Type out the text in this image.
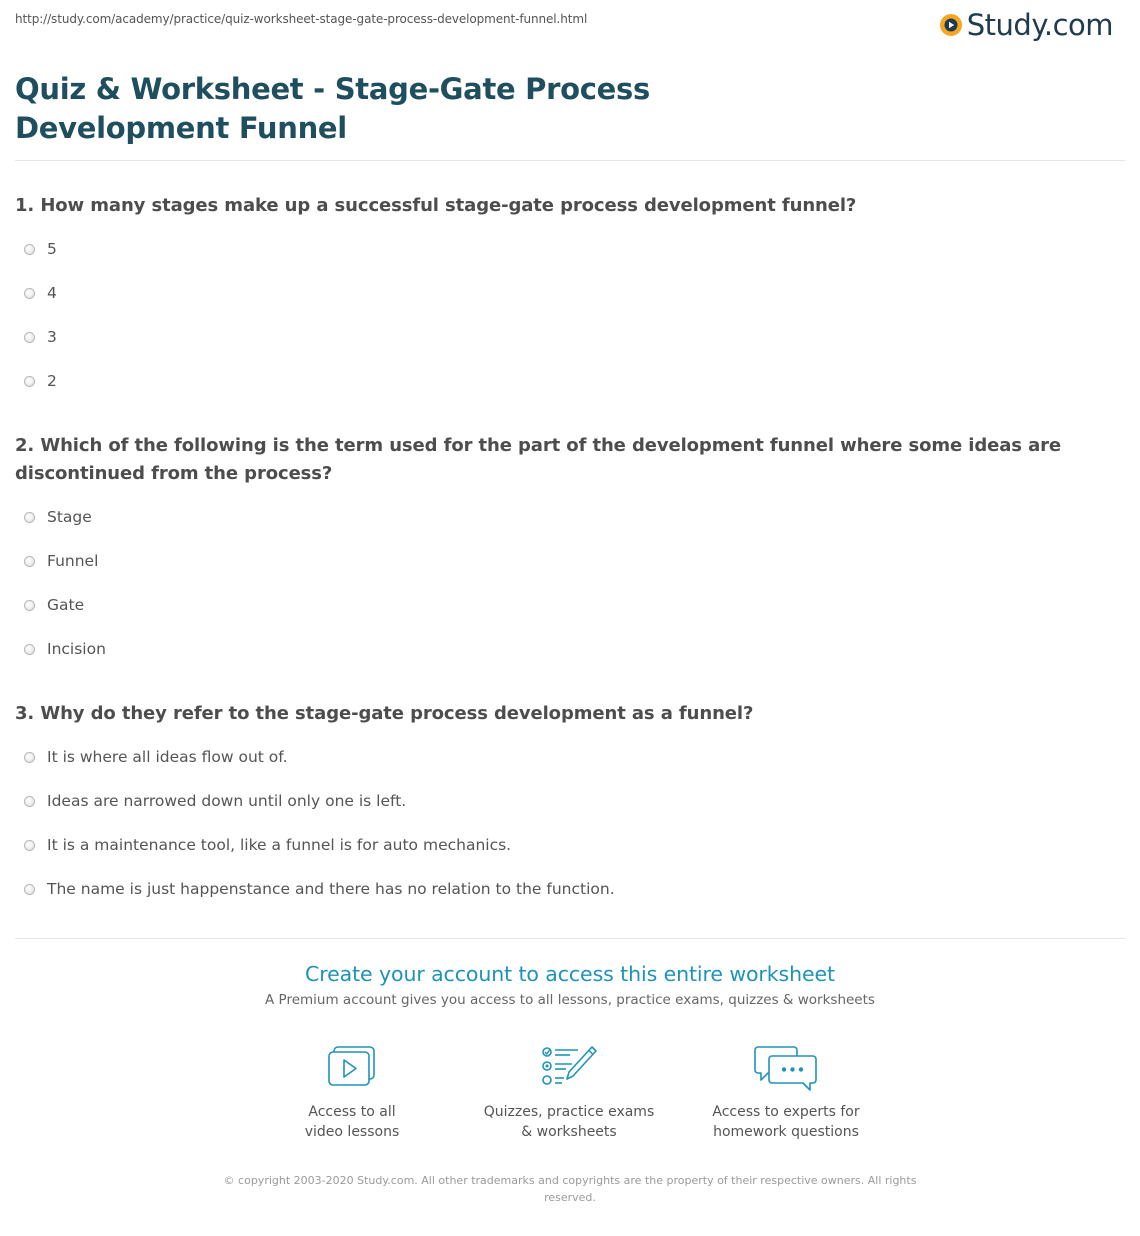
http://study.com/academy/practice/quiz-worksheet-stage-gate-process-development-funnel.html	Study.com
Quiz & Worksheet - Stage-Gate Process Development Funnel
1. How many stages make up a successful stage-gate process development funnel?
5
4
3
2
2. Which of the following is the term used for the part of the development funnel where some ideas are discontinued from the process?
Stage
Funnel
Gate
Incision
3. Why do they refer to the stage-gate process development as a funnel?
It is where all ideas flow out of.
Ideas are narrowed down until only one is left.
It is a maintenance tool, like a funnel is for auto mechanics.
The name is just happenstance and there has no relation to the function.
Create your account to access this entire worksheet
A Premium account gives you access to all lessons, practice exams, quizzes & worksheets
Access to all
video lessons
Quizzes, practice exams
& worksheets
Access to experts for
homework questions
© copyright 2003-2020 Study.com. All other trademarks and copyrights are the property of their respective owners. All rights reserved.
